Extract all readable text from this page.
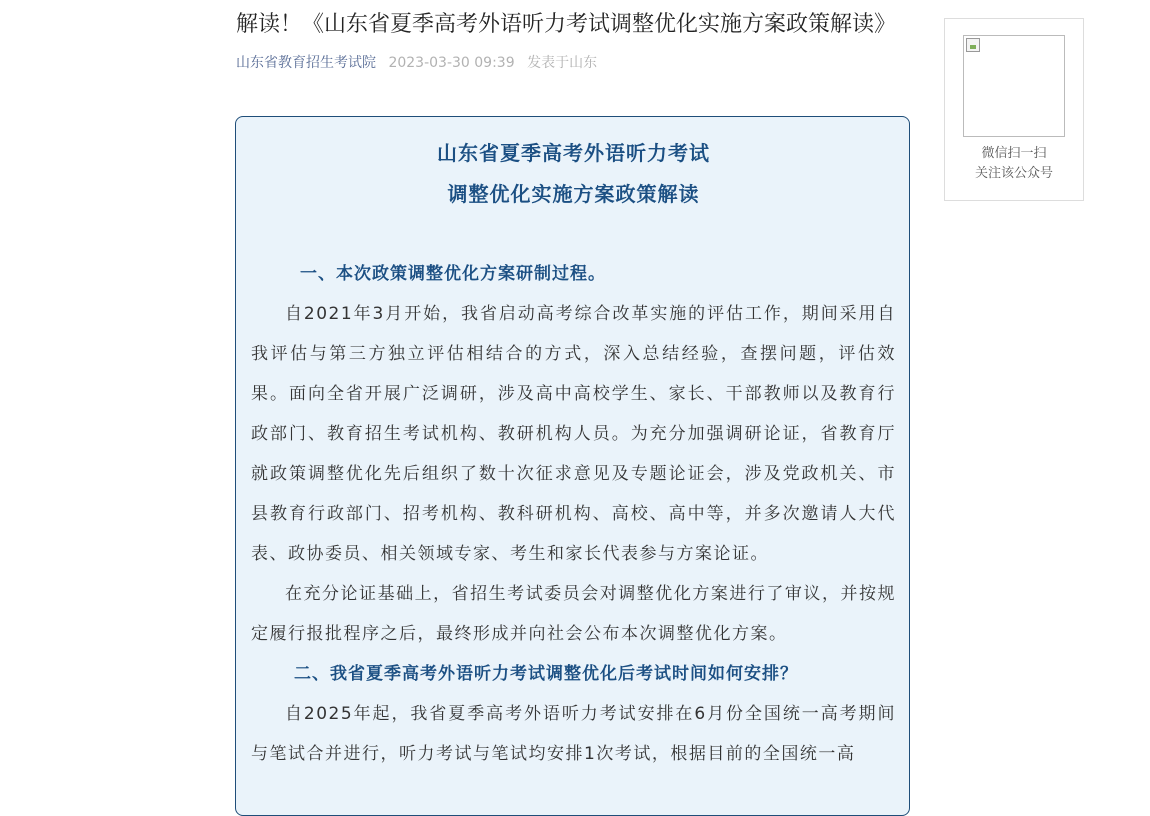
解读！《山东省夏季高考外语听力考试调整优化实施方案政策解读》
山东省教育招生考试院 2023-03-30 09:39 发表于山东
山东省夏季高考外语听力考试
调整优化实施方案政策解读
一、本次政策调整优化方案研制过程。

自2021年3月开始，我省启动高考综合改革实施的评估工作，期间采用自我评估与第三方独立评估相结合的方式，深入总结经验，查摆问题，评估效果。面向全省开展广泛调研，涉及高中高校学生、家长、干部教师以及教育行政部门、教育招生考试机构、教研机构人员。为充分加强调研论证，省教育厅就政策调整优化先后组织了数十次征求意见及专题论证会，涉及党政机关、市县教育行政部门、招考机构、教科研机构、高校、高中等，并多次邀请人大代表、政协委员、相关领域专家、考生和家长代表参与方案论证。

在充分论证基础上，省招生考试委员会对调整优化方案进行了审议，并按规定履行报批程序之后，最终形成并向社会公布本次调整优化方案。

二、我省夏季高考外语听力考试调整优化后考试时间如何安排？

自2025年起，我省夏季高考外语听力考试安排在6月份全国统一高考期间与笔试合并进行，听力考试与笔试均安排1次考试，根据目前的全国统一高

微信扫一扫
关注该公众号
